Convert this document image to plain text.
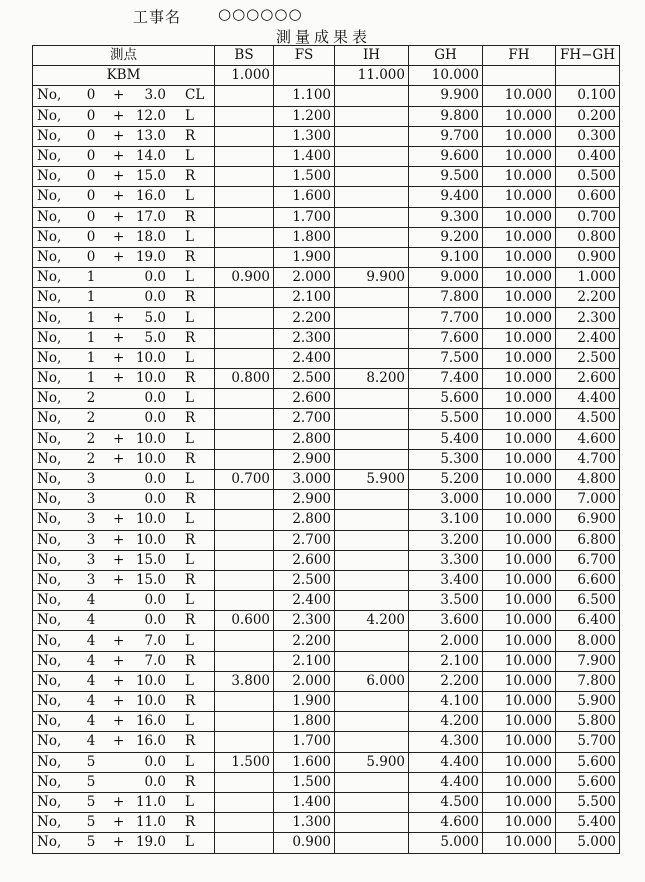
工事名 ○○○○○○
測量成果表
測点	BS	FS	IH	GH	FH	FH−GH
KBM	1.000		11.000	10.000		

No, 0 + 3.0 CL		1.100		9.900	10.000	0.100

No, 0 + 12.0 L		1.200		9.800	10.000	0.200

No, 0 + 13.0 R		1.300		9.700	10.000	0.300

No, 0 + 14.0 L		1.400		9.600	10.000	0.400

No, 0 + 15.0 R		1.500		9.500	10.000	0.500

No, 0 + 16.0 L		1.600		9.400	10.000	0.600

No, 0 + 17.0 R		1.700		9.300	10.000	0.700

No, 0 + 18.0 L		1.800		9.200	10.000	0.800

No, 0 + 19.0 R		1.900		9.100	10.000	0.900

No, 1 0.0 L	0.900	2.000	9.900	9.000	10.000	1.000

No, 1 0.0 R		2.100		7.800	10.000	2.200

No, 1 + 5.0 L		2.200		7.700	10.000	2.300

No, 1 + 5.0 R		2.300		7.600	10.000	2.400

No, 1 + 10.0 L		2.400		7.500	10.000	2.500

No, 1 + 10.0 R	0.800	2.500	8.200	7.400	10.000	2.600

No, 2 0.0 L		2.600		5.600	10.000	4.400

No, 2 0.0 R		2.700		5.500	10.000	4.500

No, 2 + 10.0 L		2.800		5.400	10.000	4.600

No, 2 + 10.0 R		2.900		5.300	10.000	4.700

No, 3 0.0 L	0.700	3.000	5.900	5.200	10.000	4.800

No, 3 0.0 R		2.900		3.000	10.000	7.000

No, 3 + 10.0 L		2.800		3.100	10.000	6.900

No, 3 + 10.0 R		2.700		3.200	10.000	6.800

No, 3 + 15.0 L		2.600		3.300	10.000	6.700

No, 3 + 15.0 R		2.500		3.400	10.000	6.600

No, 4 0.0 L		2.400		3.500	10.000	6.500

No, 4 0.0 R	0.600	2.300	4.200	3.600	10.000	6.400

No, 4 + 7.0 L		2.200		2.000	10.000	8.000

No, 4 + 7.0 R		2.100		2.100	10.000	7.900

No, 4 + 10.0 L	3.800	2.000	6.000	2.200	10.000	7.800

No, 4 + 10.0 R		1.900		4.100	10.000	5.900

No, 4 + 16.0 L		1.800		4.200	10.000	5.800

No, 4 + 16.0 R		1.700		4.300	10.000	5.700

No, 5 0.0 L	1.500	1.600	5.900	4.400	10.000	5.600

No, 5 0.0 R		1.500		4.400	10.000	5.600

No, 5 + 11.0 L		1.400		4.500	10.000	5.500

No, 5 + 11.0 R		1.300		4.600	10.000	5.400

No, 5 + 19.0 L		0.900		5.000	10.000	5.000
